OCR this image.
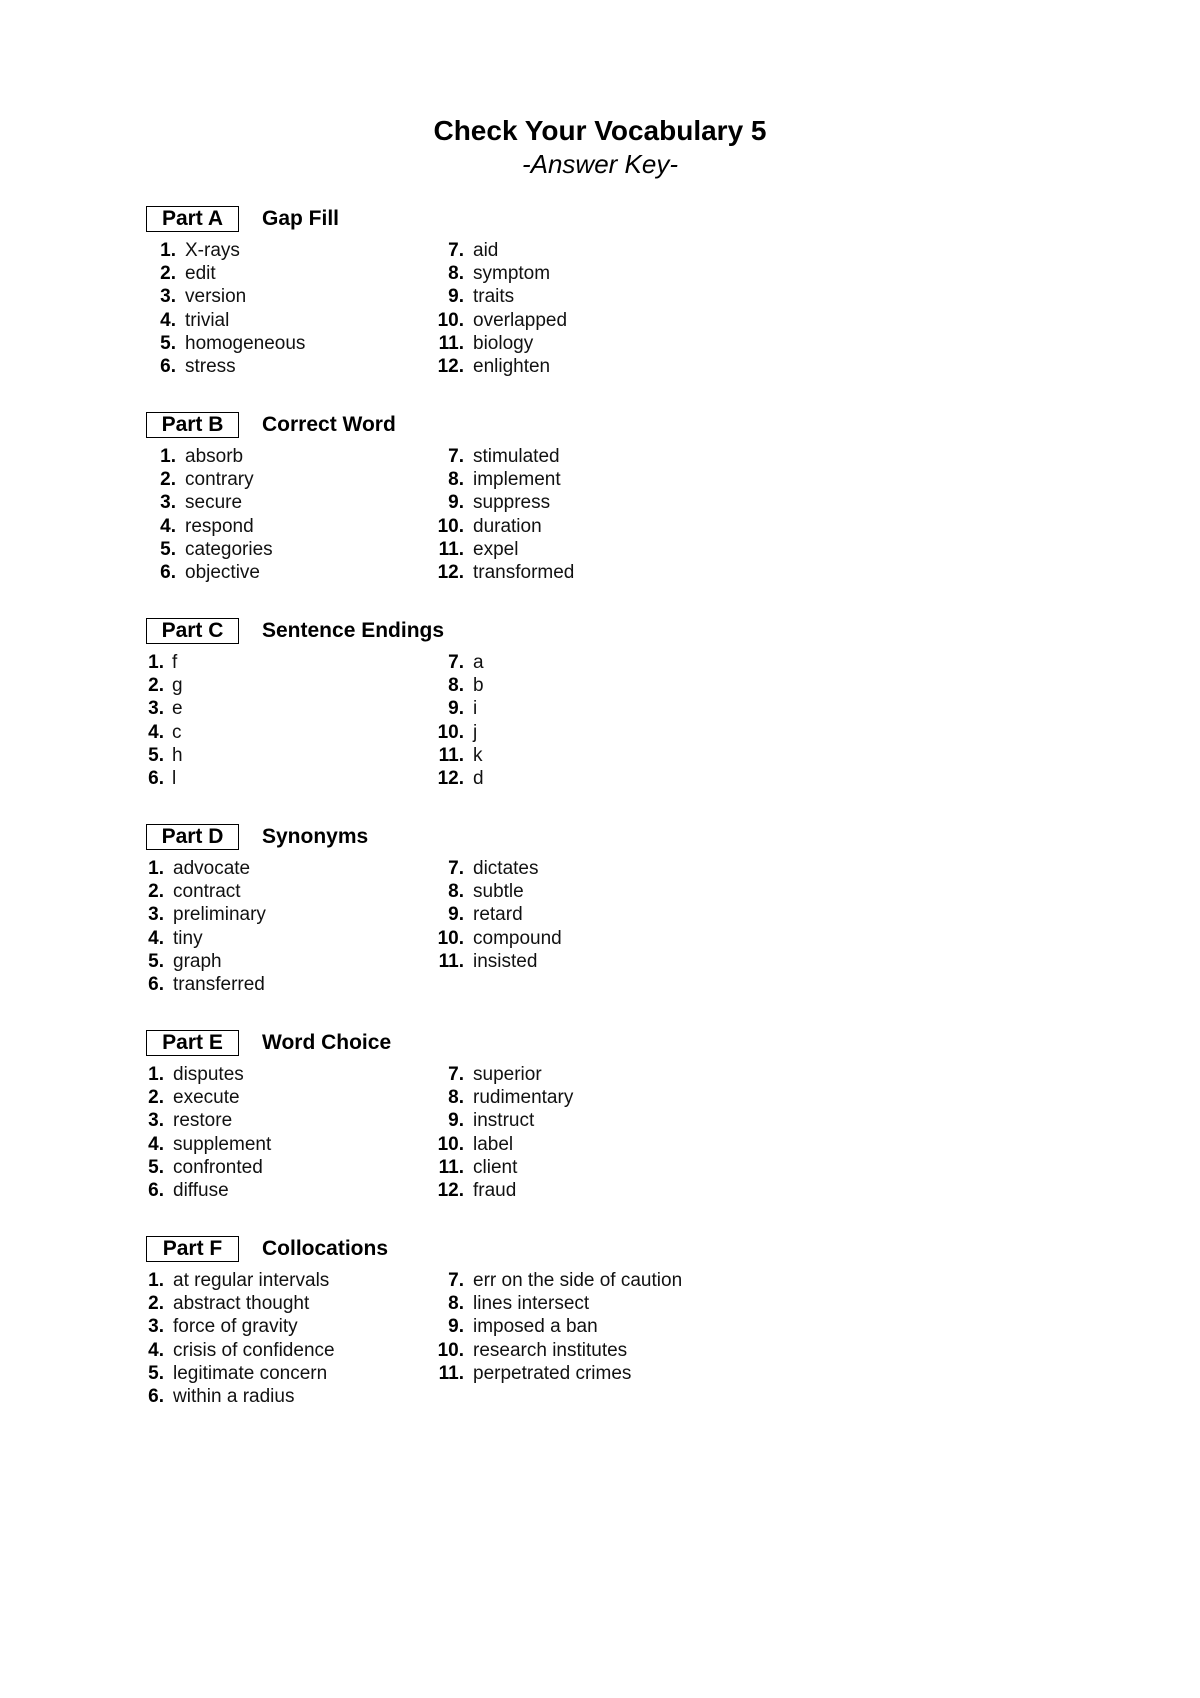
Check Your Vocabulary 5
-Answer Key-
Part A	Gap Fill
1. X-rays
2. edit
3. version
4. trivial
5. homogeneous
6. stress
7. aid
8. symptom
9. traits
10. overlapped
11. biology
12. enlighten
Part B	Correct Word
1. absorb
2. contrary
3. secure
4. respond
5. categories
6. objective
7. stimulated
8. implement
9. suppress
10. duration
11. expel
12. transformed
Part C	Sentence Endings
1. f
2. g
3. e
4. c
5. h
6. l
7. a
8. b
9. i
10. j
11. k
12. d
Part D	Synonyms
1. advocate
2. contract
3. preliminary
4. tiny
5. graph
6. transferred
7. dictates
8. subtle
9. retard
10. compound
11. insisted
Part E	Word Choice
1. disputes
2. execute
3. restore
4. supplement
5. confronted
6. diffuse
7. superior
8. rudimentary
9. instruct
10. label
11. client
12. fraud
Part F	Collocations
1. at regular intervals
2. abstract thought
3. force of gravity
4. crisis of confidence
5. legitimate concern
6. within a radius
7. err on the side of caution
8. lines intersect
9. imposed a ban
10. research institutes
11. perpetrated crimes
